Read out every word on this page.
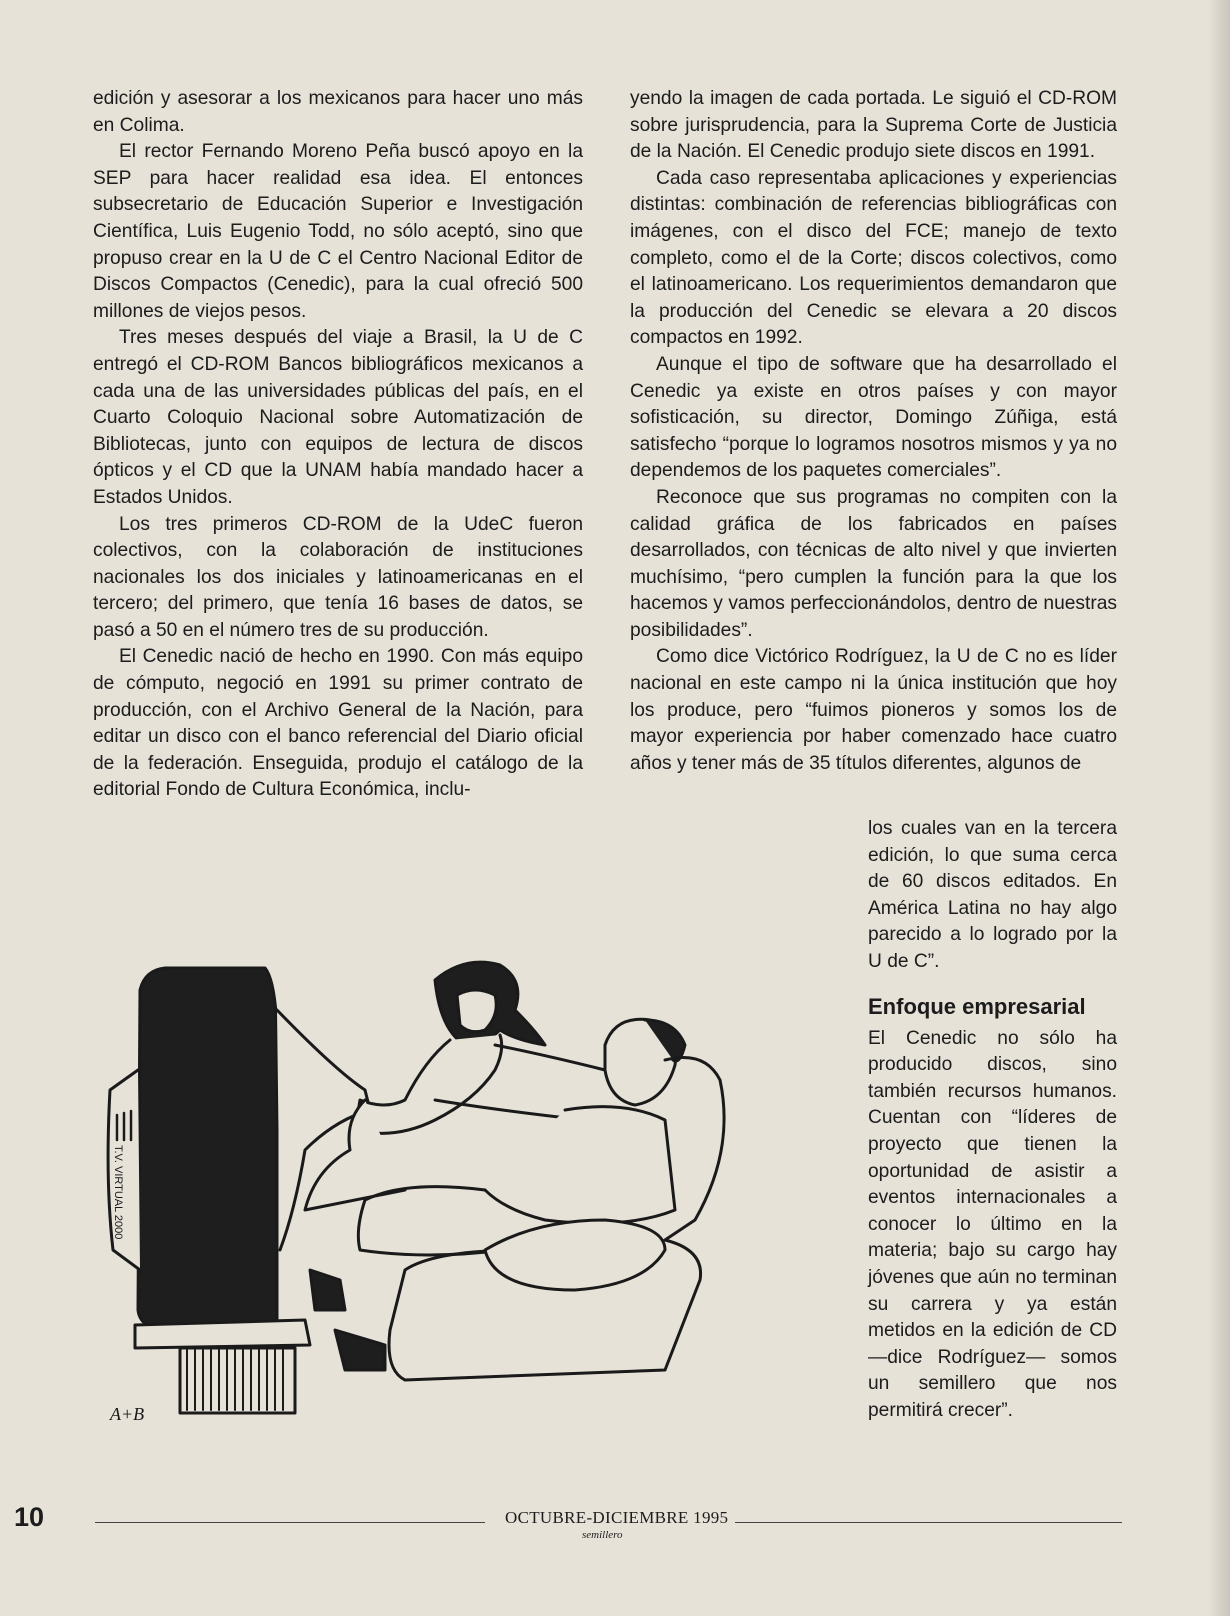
edición y asesorar a los mexicanos para hacer uno más en Colima.

El rector Fernando Moreno Peña buscó apoyo en la SEP para hacer realidad esa idea. El entonces subsecretario de Educación Superior e Investigación Científica, Luis Eugenio Todd, no sólo aceptó, sino que propuso crear en la U de C el Centro Nacional Editor de Discos Compactos (Cenedic), para la cual ofreció 500 millones de viejos pesos.

Tres meses después del viaje a Brasil, la U de C entregó el CD-ROM Bancos bibliográficos mexicanos a cada una de las universidades públicas del país, en el Cuarto Coloquio Nacional sobre Automatización de Bibliotecas, junto con equipos de lectura de discos ópticos y el CD que la UNAM había mandado hacer a Estados Unidos.

Los tres primeros CD-ROM de la UdeC fueron colectivos, con la colaboración de instituciones nacionales los dos iniciales y latinoamericanas en el tercero; del primero, que tenía 16 bases de datos, se pasó a 50 en el número tres de su producción.

El Cenedic nació de hecho en 1990. Con más equipo de cómputo, negoció en 1991 su primer contrato de producción, con el Archivo General de la Nación, para editar un disco con el banco referencial del Diario oficial de la federación. Enseguida, produjo el catálogo de la editorial Fondo de Cultura Económica, inclu-

yendo la imagen de cada portada. Le siguió el CD-ROM sobre jurisprudencia, para la Suprema Corte de Justicia de la Nación. El Cenedic produjo siete discos en 1991.

Cada caso representaba aplicaciones y experiencias distintas: combinación de referencias bibliográficas con imágenes, con el disco del FCE; manejo de texto completo, como el de la Corte; discos colectivos, como el latinoamericano. Los requerimientos demandaron que la producción del Cenedic se elevara a 20 discos compactos en 1992.

Aunque el tipo de software que ha desarrollado el Cenedic ya existe en otros países y con mayor sofisticación, su director, Domingo Zúñiga, está satisfecho “porque lo logramos nosotros mismos y ya no dependemos de los paquetes comerciales”.

Reconoce que sus programas no compiten con la calidad gráfica de los fabricados en países desarrollados, con técnicas de alto nivel y que invierten muchísimo, “pero cumplen la función para la que los hacemos y vamos perfeccionándolos, dentro de nuestras posibilidades”.

Como dice Victórico Rodríguez, la U de C no es líder nacional en este campo ni la única institución que hoy los produce, pero “fuimos pioneros y somos los de mayor experiencia por haber comenzado hace cuatro años y tener más de 35 títulos diferentes, algunos de

los cuales van en la tercera edición, lo que suma cerca de 60 discos editados. En América Latina no hay algo parecido a lo logrado por la U de C”.

Enfoque empresarial

El Cenedic no sólo ha producido discos, sino también recursos humanos. Cuentan con “líderes de proyecto que tienen la oportunidad de asistir a eventos internacionales a conocer lo último en la materia; bajo su cargo hay jóvenes que aún no terminan su carrera y ya están metidos en la edición de CD —dice Rodríguez— somos un semillero que nos permitirá crecer”.

T.V. VIRTUAL 2000
A+B
10	OCTUBRE-DICIEMBRE 1995
semillero
